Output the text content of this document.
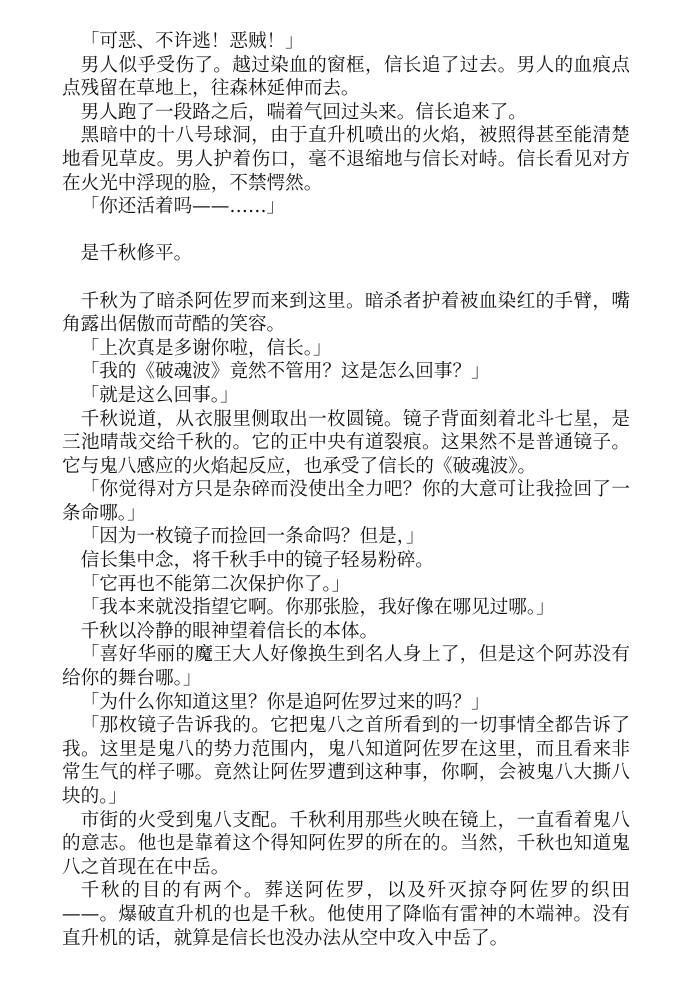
「可恶、不许逃！恶贼！」

男人似乎受伤了。越过染血的窗框，信长追了过去。男人的血痕点点残留在草地上，往森林延伸而去。

男人跑了一段路之后，喘着气回过头来。信长追来了。

黑暗中的十八号球洞，由于直升机喷出的火焰，被照得甚至能清楚地看见草皮。男人护着伤口，毫不退缩地与信长对峙。信长看见对方在火光中浮现的脸，不禁愕然。

「你还活着吗——……」

是千秋修平。

千秋为了暗杀阿佐罗而来到这里。暗杀者护着被血染红的手臂，嘴角露出倨傲而苛酷的笑容。

「上次真是多谢你啦，信长。」

「我的《破魂波》竟然不管用？这是怎么回事？」

「就是这么回事。」

千秋说道，从衣服里侧取出一枚圆镜。镜子背面刻着北斗七星，是三池晴哉交给千秋的。它的正中央有道裂痕。这果然不是普通镜子。它与鬼八感应的火焰起反应，也承受了信长的《破魂波》。

「你觉得对方只是杂碎而没使出全力吧？你的大意可让我捡回了一条命哪。」

「因为一枚镜子而捡回一条命吗？但是，」

信长集中念，将千秋手中的镜子轻易粉碎。

「它再也不能第二次保护你了。」

「我本来就没指望它啊。你那张脸，我好像在哪见过哪。」

千秋以冷静的眼神望着信长的本体。

「喜好华丽的魔王大人好像换生到名人身上了，但是这个阿苏没有给你的舞台哪。」

「为什么你知道这里？你是追阿佐罗过来的吗？」

「那枚镜子告诉我的。它把鬼八之首所看到的一切事情全都告诉了我。这里是鬼八的势力范围内，鬼八知道阿佐罗在这里，而且看来非常生气的样子哪。竟然让阿佐罗遭到这种事，你啊，会被鬼八大撕八块的。」

市街的火受到鬼八支配。千秋利用那些火映在镜上，一直看着鬼八的意志。他也是靠着这个得知阿佐罗的所在的。当然，千秋也知道鬼八之首现在在中岳。

千秋的目的有两个。葬送阿佐罗，以及歼灭掠夺阿佐罗的织田——。爆破直升机的也是千秋。他使用了降临有雷神的木端神。没有直升机的话，就算是信长也没办法从空中攻入中岳了。
